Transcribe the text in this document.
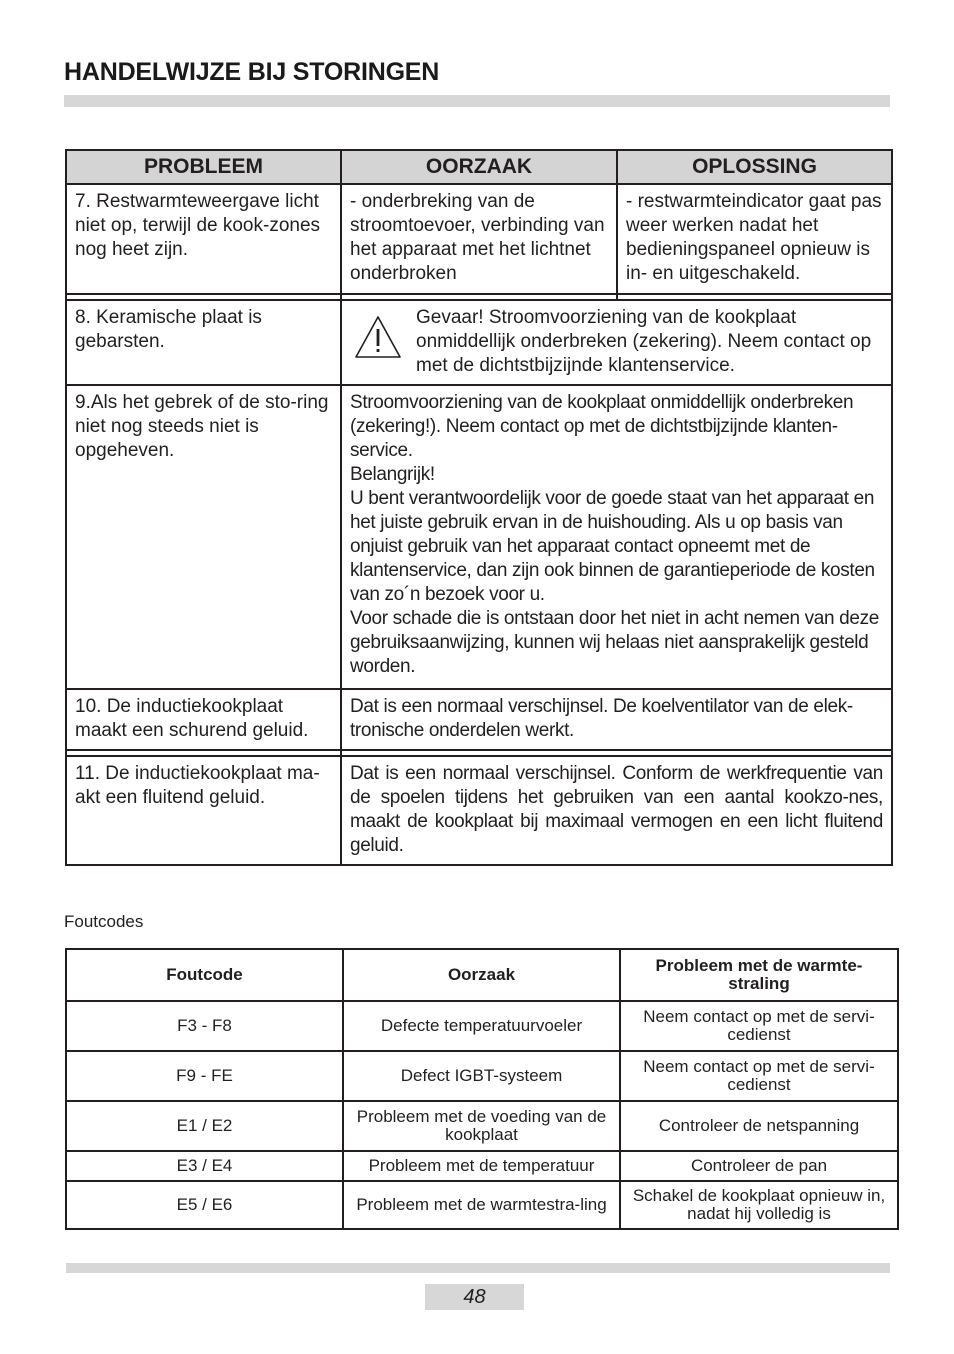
HANDELWIJZE BIJ STORINGEN
PROBLEEM	OORZAAK	OPLOSSING
7. Restwarmteweergave licht niet op, terwijl de kook-zones nog heet zijn.	- onderbreking van de stroomtoevoer, verbinding van het apparaat met het lichtnet onderbroken	- restwarmteindicator gaat pas weer werken nadat het bedieningspaneel opnieuw is in- en uitgeschakeld.

8. Keramische plaat is gebarsten.	Gevaar! Stroomvoorziening van de kookplaat onmiddellijk onderbreken (zekering). Neem contact op met de dichtstbijzijnde klantenservice.	
9.Als het gebrek of de sto-ring niet nog steeds niet is opgeheven.	Stroomvoorziening van de kookplaat onmiddellijk onderbreken (zekering!). Neem contact op met de dichtstbijzijnde klanten-service.
Belangrijk!
U bent verantwoordelijk voor de goede staat van het apparaat en het juiste gebruik ervan in de huishouding. Als u op basis van onjuist gebruik van het apparaat contact opneemt met de klantenservice, dan zijn ook binnen de garantieperiode de kosten van zo´n bezoek voor u.
Voor schade die is ontstaan door het niet in acht nemen van deze gebruiksaanwijzing, kunnen wij helaas niet aansprakelijk gesteld worden.	

10. De inductiekookplaat maakt een schurend geluid.	Dat is een normaal verschijnsel. De koelventilator van de elek-tronische onderdelen werkt.	

11. De inductiekookplaat ma-akt een fluitend geluid.	Dat is een normaal verschijnsel. Conform de werkfrequentie van de spoelen tijdens het gebruiken van een aantal kookzo-nes, maakt de kookplaat bij maximaal vermogen en een licht fluitend geluid.	
Foutcodes
Foutcode	Oorzaak	Probleem met de warmte-straling
F3 - F8	Defecte temperatuurvoeler	Neem contact op met de servi-cedienst
F9 - FE	Defect IGBT-systeem	Neem contact op met de servi-cedienst
E1 / E2	Probleem met de voeding van de kookplaat	Controleer de netspanning
E3 / E4	Probleem met de temperatuur	Controleer de pan
E5 / E6	Probleem met de warmtestra-ling	Schakel de kookplaat opnieuw in, nadat hij volledig is
48
